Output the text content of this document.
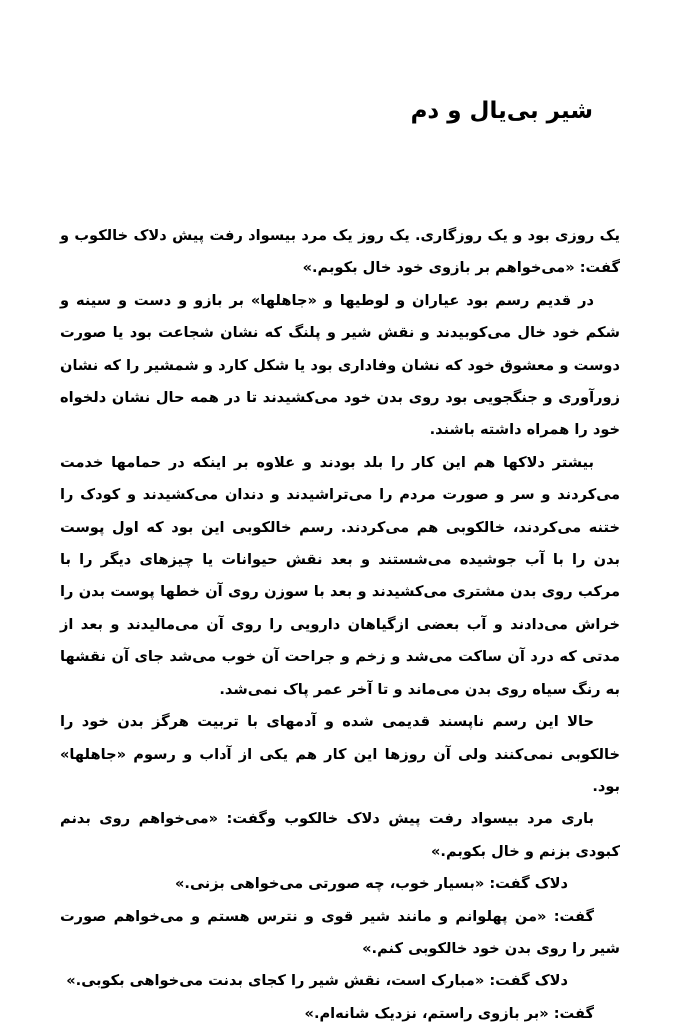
شیر بی‌یال و دم

یک روزی بود و یک روزگاری. یک روز یک مرد بیسواد رفت پیش دلاک خالکوب و گفت: «می‌خواهم بر بازوی خود خال بکوبم.»

در قدیم رسم بود عیاران و لوطیها و «جاهلها» بر بازو و دست و سینه و شکم خود خال می‌کوبیدند و نقش شیر و پلنگ که نشان شجاعت بود یا صورت دوست و معشوق خود که نشان وفاداری بود یا شکل کارد و شمشیر را که نشان زورآوری و جنگجویی بود روی بدن خود می‌کشیدند تا در همه حال نشان دلخواه خود را همراه داشته باشند.

بیشتر دلاکها هم این کار را بلد بودند و علاوه بر اینکه در حمامها خدمت می‌کردند و سر و صورت مردم را می‌تراشیدند و دندان می‌کشیدند و کودک را ختنه می‌کردند، خالکوبی هم می‌کردند. رسم خالکوبی این بود که اول پوست بدن را با آب جوشیده می‌شستند و بعد نقش حیوانات یا چیزهای دیگر را با مرکب روی بدن مشتری می‌کشیدند و بعد با سوزن روی آن خطها پوست بدن را خراش می‌دادند و آب بعضی ازگیاهان دارویی را روی آن می‌مالیدند و بعد از مدتی که درد آن ساکت می‌شد و زخم و جراحت آن خوب می‌شد جای آن نقشها به رنگ سیاه روی بدن می‌ماند و تا آخر عمر پاک نمی‌شد.

حالا این رسم ناپسند قدیمی شده و آدمهای با تربیت هرگز بدن خود را خالکوبی نمی‌کنند ولی آن روزها این کار هم یکی از آداب و رسوم «جاهلها» بود.

باری مرد بیسواد رفت پیش دلاک خالکوب وگفت: «می‌خواهم روی بدنم کبودی بزنم و خال بکوبم.»

دلاک گفت: «بسیار خوب، چه صورتی می‌خواهی بزنی.»

گفت: «من پهلوانم و مانند شیر قوی و نترس هستم و می‌خواهم صورت شیر را روی بدن خود خالکوبی کنم.»

دلاک گفت: «مبارک است، نقش شیر را کجای بدنت می‌خواهی بکوبی.»

گفت: «بر بازوی راستم، نزدیک شانه‌ام.»
